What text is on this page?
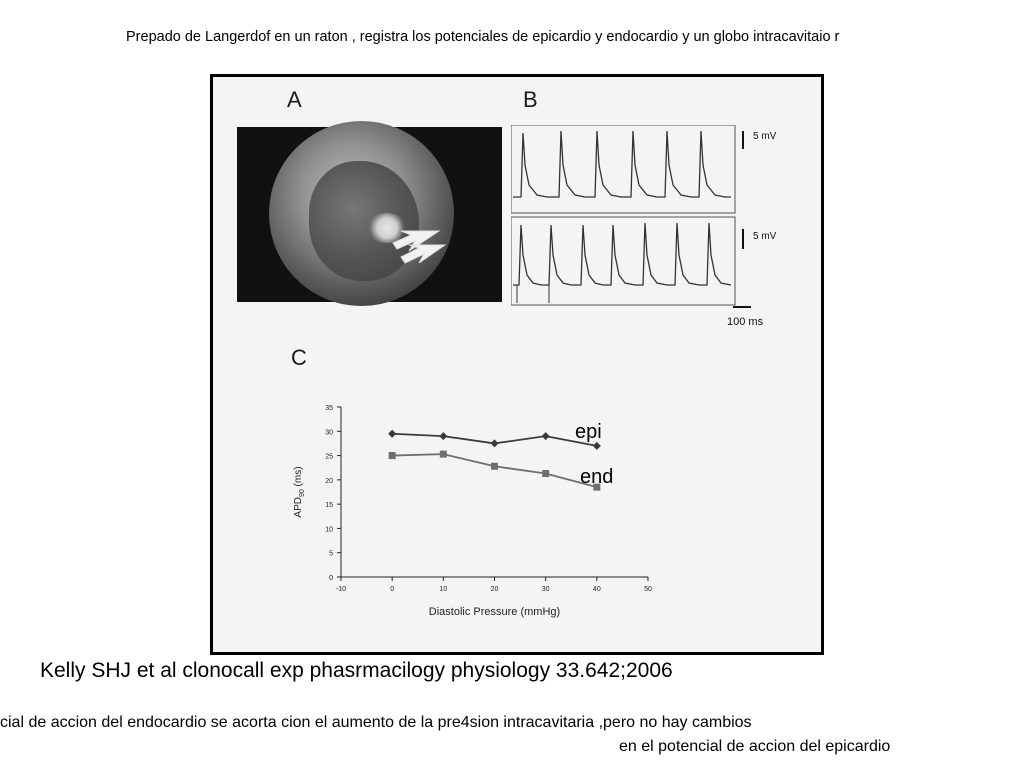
Prepado de Langerdof en un raton , registra los potenciales de epicardio y endocardio y un globo intracavitaio r

A	B
C
5 mV
5 mV
100 ms
0
5
10
15
20
25
30
35
-10	0	10	20	30	40	50
Diastolic Pressure (mmHg)
$APD_{90}$ (ms)
epi
end
Kelly SHJ et al clonocall exp phasrmacilogy physiology 33.642;2006
cial de accion del endocardio se acorta cion el aumento de la pre4sion intracavitaria ,pero no hay cambios
en el potencial de accion del epicardio
